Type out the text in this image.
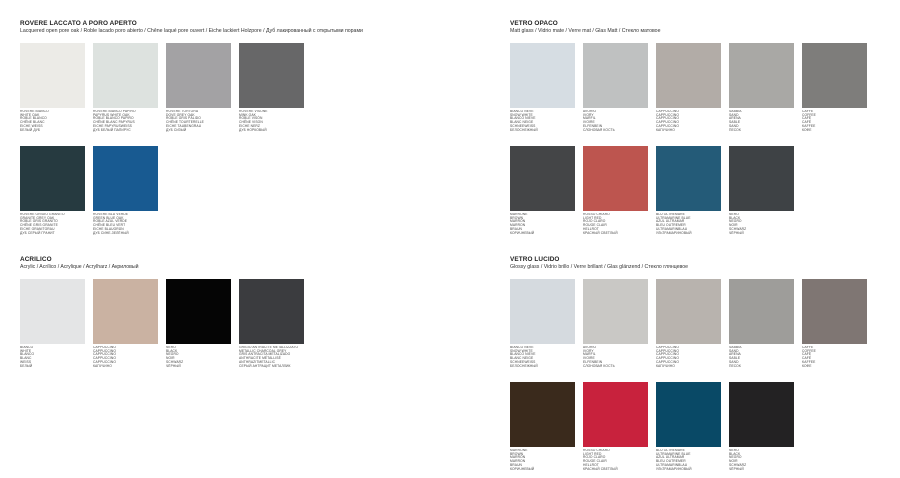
ROVERE LACCATO A PORO APERTO
Lacquered open pore oak / Roble lacado poro abierto / Chêne laqué pore ouvert / Eiche lackiert Holzpore / Дуб лакированный с открытыми порами
ROVERE BIANCO
WHITE OAK
ROBLE BLANCO
CHÊNE BLANC
EICHE WEISS
БЕЛЫЙ ДУБ
ROVERE BIANCO PAPIRO
PAPYRUS WHITE OAK
ROBLE BLANCO PAPIRO
CHÊNE BLANC PAPYRUS
EICHE PAPYRUSWEISS
ДУБ БЕЛЫЙ ПАПИРУС
ROVERE TORTORA
DOVE GREY OAK
ROBLE GRIS PÁLIDO
CHÊNE TOURTERELLE
EICHE TAUBENGRAU
ДУБ СИЗЫЙ
ROVERE VISONE
MINK OAK
ROBLE VISÓN
CHÊNE VISON
EICHE NERZ
ДУБ НОРКОВЫЙ
ROVERE GRIGIO GRANITO
GRANITE GREY OAK
ROBLE GRIS GRANITO
CHÊNE GRIS GRANITE
EICHE GRANITGRAU
ДУБ СЕРЫЙ ГРАНИТ
ROVERE BLU VERDE
GREEN BLUE OAK
ROBLE AZUL VERDE
CHÊNE BLEU VERT
EICHE BLAUGRÜN
ДУБ СИНЕ-ЗЕЛЁНЫЙ
ACRILICO
Acrylic / Acrílico / Acrylique / Acrylharz / Акриловый
BIANCO
WHITE
BLANCO
BLANC
WEISS
БЕЛЫЙ
CAPPUCCINO
CAPPUCCINO
CAPPUCCINO
CAPPUCCINO
CAPPUCCINO
КАПУЧИНО
NERO
BLACK
NEGRO
NOIR
SCHWARZ
ЧЁРНЫЙ
GRIGIO ANTRACITE METALLIZZATO
METALLIC CHARCOAL GREY
GRIS ANTRACITA METALIZADO
ANTHRACITE MÉTALLISÉ
ANTHRAZITMETALLIC
СЕРЫЙ АНТРАЦИТ МЕТАЛЛИК
VETRO OPACO
Matt glass / Vidrio mate / Verre mat / Glas Matt / Стекло матовое
BIANCO NEVE
SNOW WHITE
BLANCO NIEVE
BLANC NEIGE
SCHNEEWEISS
БЕЛОСНЕЖНЫЙ
AVORIO
IVORY
MARFIL
IVOIRE
ELFENBEIN
СЛОНОВАЯ КОСТЬ
CAPPUCCINO
CAPPUCCINO
CAPPUCCINO
CAPPUCCINO
CAPPUCCINO
КАПУЧИНО
SABBIA
SAND
ARENA
SABLE
SAND
ПЕСОК
CAFFÈ
COFFEE
CAFÉ
CAFÉ
KAFFEE
КОФЕ
MARRONE
BROWN
MARRÓN
MARRON
BRAUN
КОРИЧНЕВЫЙ
ROSSO CHIARO
LIGHT RED
ROJO CLARO
ROUGE CLAIR
HELLROT
КРАСНЫЙ СВЕТЛЫЙ
BLU OLTREMARE
ULTRAMARINE BLUE
AZUL ULTRAMAR
BLEU OUTREMER
ULTRAMARINBLAU
УЛЬТРАМАРИНОВЫЙ
NERO
BLACK
NEGRO
NOIR
SCHWARZ
ЧЁРНЫЙ
VETRO LUCIDO
Glossy glass / Vidrio brillo / Verre brillant / Glas glänzend / Стекло глянцевое
BIANCO NEVE
SNOW WHITE
BLANCO NIEVE
BLANC NEIGE
SCHNEEWEISS
БЕЛОСНЕЖНЫЙ
AVORIO
IVORY
MARFIL
IVOIRE
ELFENBEIN
СЛОНОВАЯ КОСТЬ
CAPPUCCINO
CAPPUCCINO
CAPPUCCINO
CAPPUCCINO
CAPPUCCINO
КАПУЧИНО
SABBIA
SAND
ARENA
SABLE
SAND
ПЕСОК
CAFFÈ
COFFEE
CAFÉ
CAFÉ
KAFFEE
КОФЕ
MARRONE
BROWN
MARRÓN
MARRON
BRAUN
КОРИЧНЕВЫЙ
ROSSO CHIARO
LIGHT RED
ROJO CLARO
ROUGE CLAIR
HELLROT
КРАСНЫЙ СВЕТЛЫЙ
BLU OLTREMARE
ULTRAMARINE BLUE
AZUL ULTRAMAR
BLEU OUTREMER
ULTRAMARINBLAU
УЛЬТРАМАРИНОВЫЙ
NERO
BLACK
NEGRO
NOIR
SCHWARZ
ЧЁРНЫЙ
